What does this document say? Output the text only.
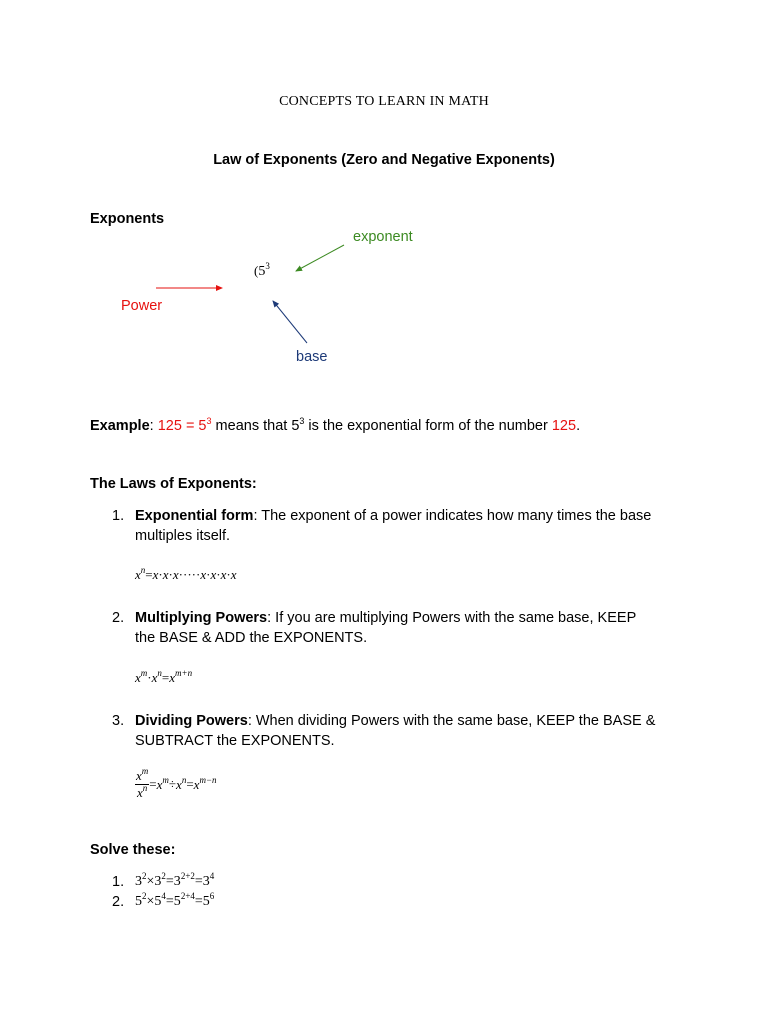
CONCEPTS TO LEARN IN MATH
Law of Exponents (Zero and Negative Exponents)
Exponents
exponent
Power
base
($5^3$
Example: $125 = 5^3$ means that $5^3$ is the exponential form of the number 125.
The Laws of Exponents:
1. Exponential form: The exponent of a power indicates how many times the base
multiples itself.
$x^n=x\cdot x\cdot x\cdot\cdot\cdot\cdot\cdot x\cdot x\cdot x\cdot x$
2. Multiplying Powers: If you are multiplying Powers with the same base, KEEP
the BASE & ADD the EXPONENTS.
$x^m\cdot x^n=x^{m+n}$
3. Dividing Powers: When dividing Powers with the same base, KEEP the BASE &
SUBTRACT the EXPONENTS.
$\frac{x^m}{x^n} =x^m\div x^n=x^{m-n}$
Solve these:
1. $3^2\times 3^2=3^{2+2}=3^4$
2. $5^2\times 5^4=5^{2+4}=5^6$
